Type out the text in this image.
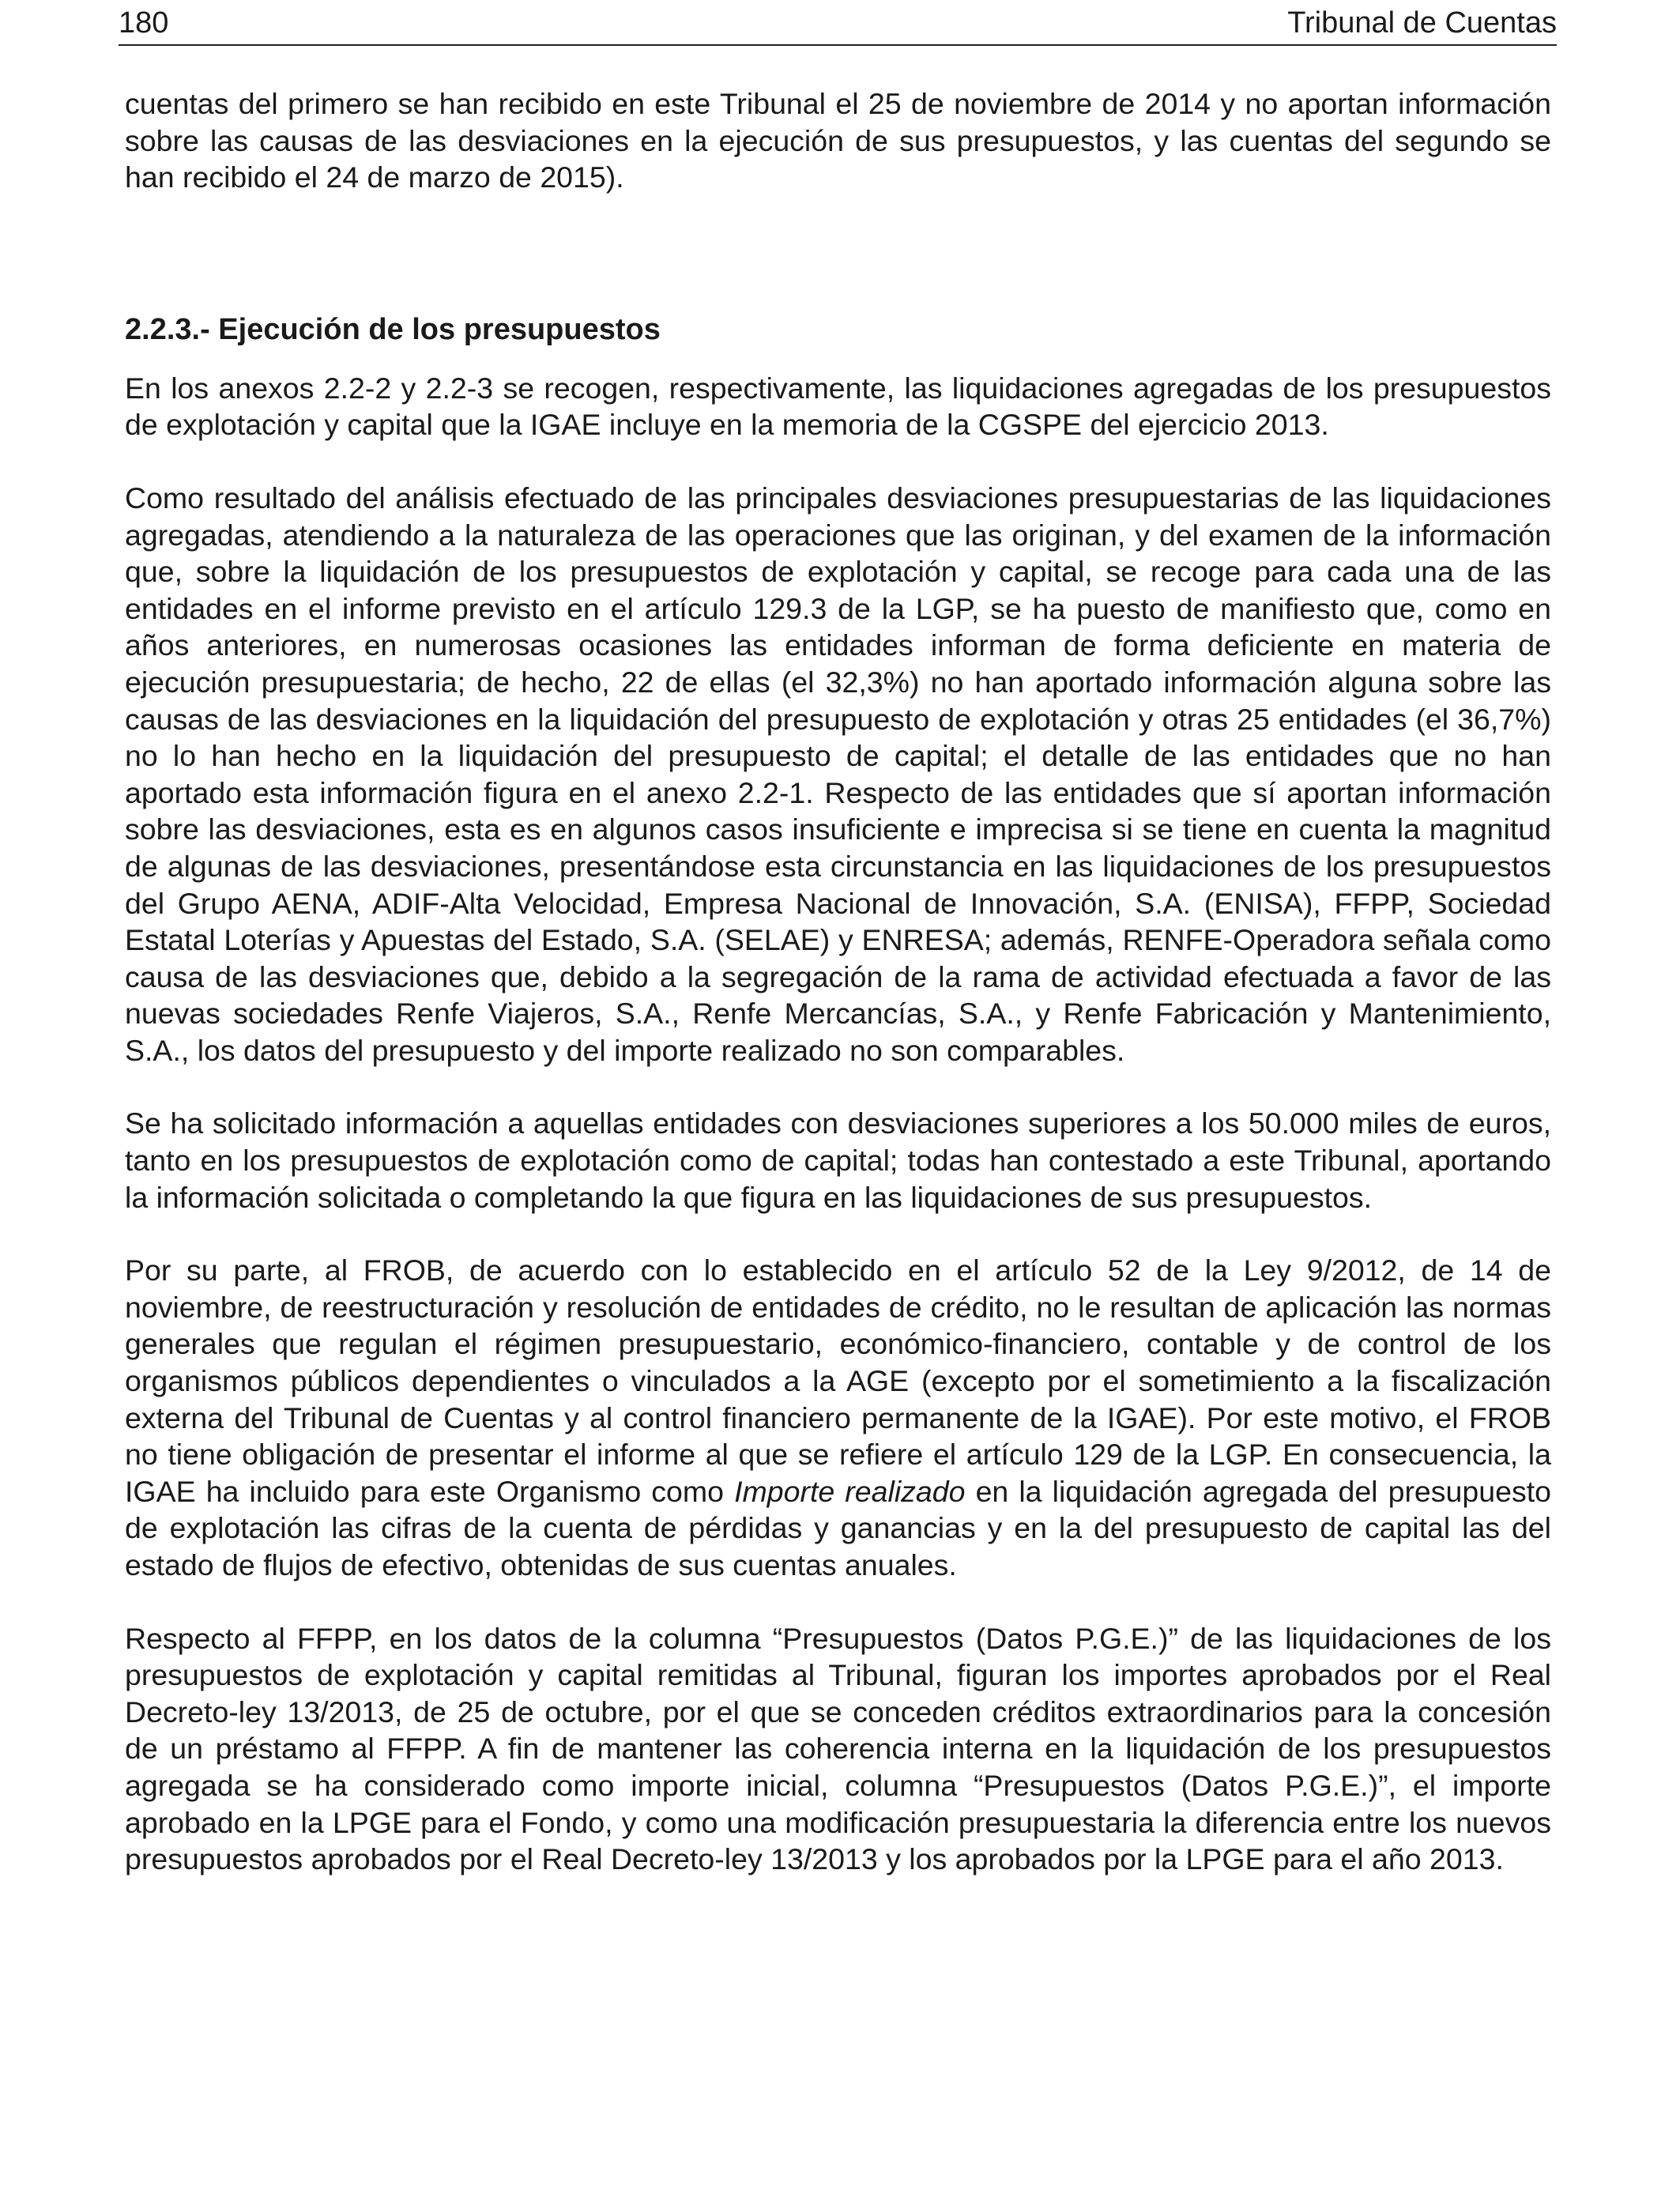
180	Tribunal de Cuentas

cuentas del primero se han recibido en este Tribunal el 25 de noviembre de 2014 y no aportan información sobre las causas de las desviaciones en la ejecución de sus presupuestos, y las cuentas del segundo se han recibido el 24 de marzo de 2015).

2.2.3.- Ejecución de los presupuestos

En los anexos 2.2-2 y 2.2-3 se recogen, respectivamente, las liquidaciones agregadas de los presupuestos de explotación y capital que la IGAE incluye en la memoria de la CGSPE del ejercicio 2013.

Como resultado del análisis efectuado de las principales desviaciones presupuestarias de las liquidaciones agregadas, atendiendo a la naturaleza de las operaciones que las originan, y del examen de la información que, sobre la liquidación de los presupuestos de explotación y capital, se recoge para cada una de las entidades en el informe previsto en el artículo 129.3 de la LGP, se ha puesto de manifiesto que, como en años anteriores, en numerosas ocasiones las entidades informan de forma deficiente en materia de ejecución presupuestaria; de hecho, 22 de ellas (el 32,3%) no han aportado información alguna sobre las causas de las desviaciones en la liquidación del presupuesto de explotación y otras 25 entidades (el 36,7%) no lo han hecho en la liquidación del presupuesto de capital; el detalle de las entidades que no han aportado esta información figura en el anexo 2.2-1. Respecto de las entidades que sí aportan información sobre las desviaciones, esta es en algunos casos insuficiente e imprecisa si se tiene en cuenta la magnitud de algunas de las desviaciones, presentándose esta circunstancia en las liquidaciones de los presupuestos del Grupo AENA, ADIF-Alta Velocidad, Empresa Nacional de Innovación, S.A. (ENISA), FFPP, Sociedad Estatal Loterías y Apuestas del Estado, S.A. (SELAE) y ENRESA; además, RENFE-Operadora señala como causa de las desviaciones que, debido a la segregación de la rama de actividad efectuada a favor de las nuevas sociedades Renfe Viajeros, S.A., Renfe Mercancías, S.A., y Renfe Fabricación y Mantenimiento, S.A., los datos del presupuesto y del importe realizado no son comparables.

Se ha solicitado información a aquellas entidades con desviaciones superiores a los 50.000 miles de euros, tanto en los presupuestos de explotación como de capital; todas han contestado a este Tribunal, aportando la información solicitada o completando la que figura en las liquidaciones de sus presupuestos.

Por su parte, al FROB, de acuerdo con lo establecido en el artículo 52 de la Ley 9/2012, de 14 de noviembre, de reestructuración y resolución de entidades de crédito, no le resultan de aplicación las normas generales que regulan el régimen presupuestario, económico-financiero, contable y de control de los organismos públicos dependientes o vinculados a la AGE (excepto por el sometimiento a la fiscalización externa del Tribunal de Cuentas y al control financiero permanente de la IGAE). Por este motivo, el FROB no tiene obligación de presentar el informe al que se refiere el artículo 129 de la LGP. En consecuencia, la IGAE ha incluido para este Organismo como Importe realizado en la liquidación agregada del presupuesto de explotación las cifras de la cuenta de pérdidas y ganancias y en la del presupuesto de capital las del estado de flujos de efectivo, obtenidas de sus cuentas anuales.

Respecto al FFPP, en los datos de la columna “Presupuestos (Datos P.G.E.)” de las liquidaciones de los presupuestos de explotación y capital remitidas al Tribunal, figuran los importes aprobados por el Real Decreto-ley 13/2013, de 25 de octubre, por el que se conceden créditos extraordinarios para la concesión de un préstamo al FFPP. A fin de mantener las coherencia interna en la liquidación de los presupuestos agregada se ha considerado como importe inicial, columna “Presupuestos (Datos P.G.E.)”, el importe aprobado en la LPGE para el Fondo, y como una modificación presupuestaria la diferencia entre los nuevos presupuestos aprobados por el Real Decreto-ley 13/2013 y los aprobados por la LPGE para el año 2013.
